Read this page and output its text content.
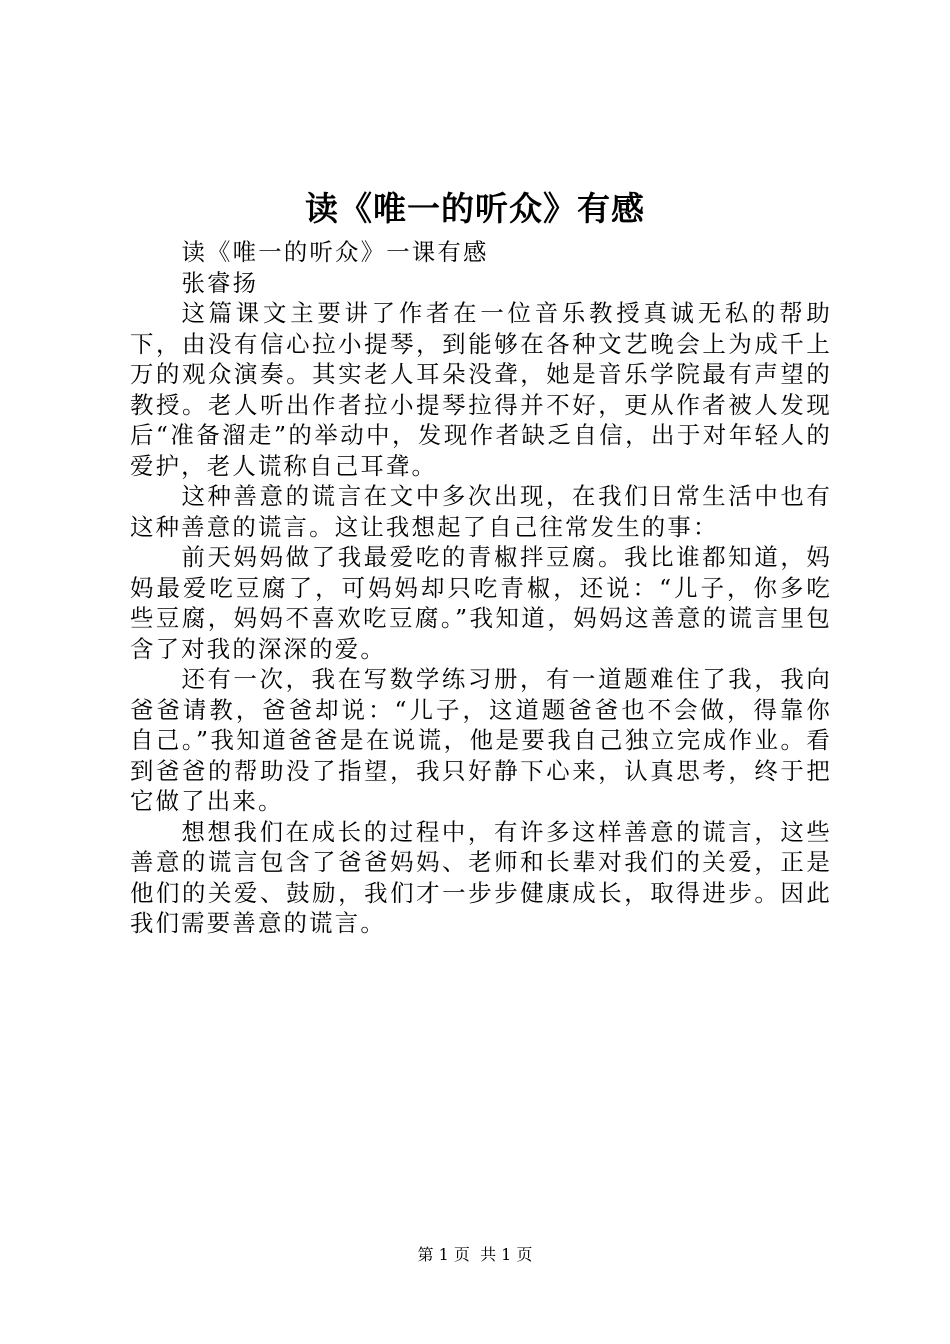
读《唯一的听众》有感

读《唯一的听众》一课有感

张睿扬

这篇课文主要讲了作者在一位音乐教授真诚无私的帮助下，由没有信心拉小提琴，到能够在各种文艺晚会上为成千上万的观众演奏。其实老人耳朵没聋，她是音乐学院最有声望的教授。老人听出作者拉小提琴拉得并不好，更从作者被人发现后“准备溜走”的举动中，发现作者缺乏自信，出于对年轻人的爱护，老人谎称自己耳聋。

这种善意的谎言在文中多次出现，在我们日常生活中也有这种善意的谎言。这让我想起了自己往常发生的事：

前天妈妈做了我最爱吃的青椒拌豆腐。我比谁都知道，妈妈最爱吃豆腐了，可妈妈却只吃青椒，还说：“儿子，你多吃些豆腐，妈妈不喜欢吃豆腐。”我知道，妈妈这善意的谎言里包含了对我的深深的爱。

还有一次，我在写数学练习册，有一道题难住了我，我向爸爸请教，爸爸却说：“儿子，这道题爸爸也不会做，得靠你自己。”我知道爸爸是在说谎，他是要我自己独立完成作业。看到爸爸的帮助没了指望，我只好静下心来，认真思考，终于把它做了出来。

想想我们在成长的过程中，有许多这样善意的谎言，这些善意的谎言包含了爸爸妈妈、老师和长辈对我们的关爱，正是他们的关爱、鼓励，我们才一步步健康成长，取得进步。因此我们需要善意的谎言。

第 1 页  共 1 页
